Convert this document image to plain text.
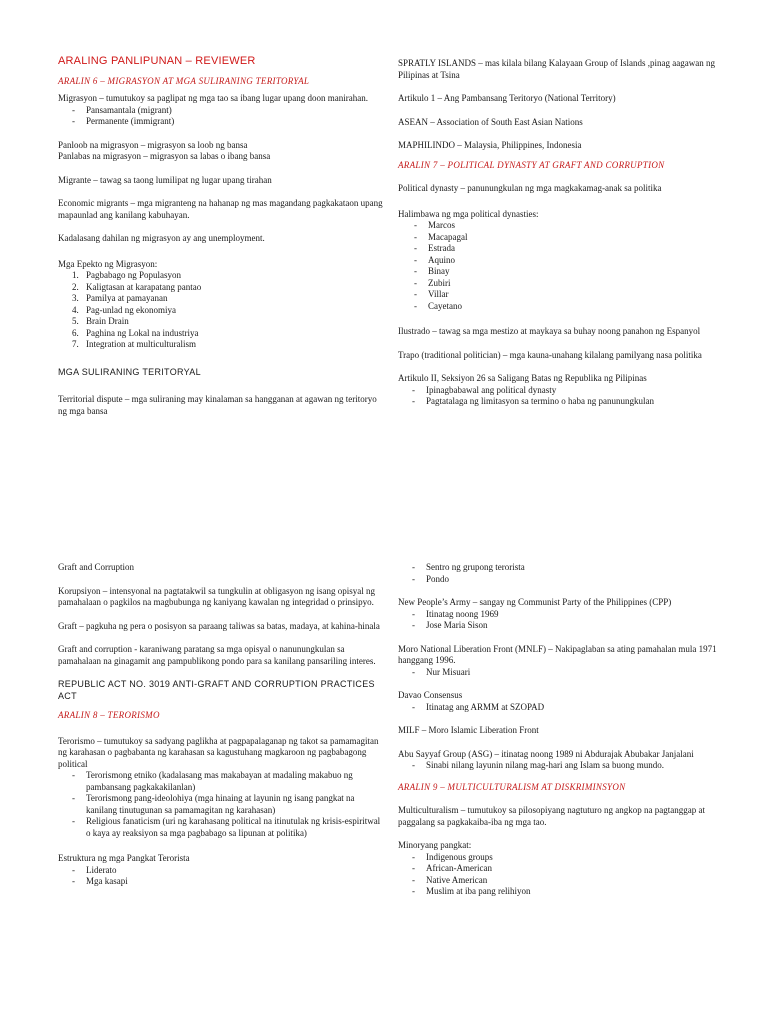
ARALING PANLIPUNAN – REVIEWER
ARALIN 6 – MIGRASYON AT MGA SULIRANING TERITORYAL

Migrasyon – tumutukoy sa paglipat ng mga tao sa ibang lugar upang doon manirahan.

- Pansamantala (migrant)
- Permanente (immigrant)

Panloob na migrasyon – migrasyon sa loob ng bansa

Panlabas na migrasyon – migrasyon sa labas o ibang bansa

Migrante – tawag sa taong lumilipat ng lugar upang tirahan

Economic migrants – mga migranteng na hahanap ng mas magandang pagkakataon upang mapaunlad ang kanilang kabuhayan.

Kadalasang dahilan ng migrasyon ay ang unemployment.

Mga Epekto ng Migrasyon:

1. Pagbabago ng Populasyon
2. Kaligtasan at karapatang pantao
3. Pamilya at pamayanan
4. Pag-unlad ng ekonomiya
5. Brain Drain
6. Paghina ng Lokal na industriya
7. Integration at multiculturalism
MGA SULIRANING TERITORYAL

Territorial dispute – mga suliraning may kinalaman sa hangganan at agawan ng teritoryo ng mga bansa

SPRATLY ISLANDS – mas kilala bilang Kalayaan Group of Islands ,pinag aagawan ng Pilipinas at Tsina

Artikulo 1 – Ang Pambansang Teritoryo (National Territory)

ASEAN – Association of South East Asian Nations

MAPHILINDO – Malaysia, Philippines, Indonesia

ARALIN 7 – POLITICAL DYNASTY AT GRAFT AND CORRUPTION

Political dynasty – panunungkulan ng mga magkakamag-anak sa politika

Halimbawa ng mga political dynasties:

- Marcos
- Macapagal
- Estrada
- Aquino
- Binay
- Zubiri
- Villar
- Cayetano

Ilustrado – tawag sa mga mestizo at maykaya sa buhay noong panahon ng Espanyol

Trapo (traditional politician) – mga kauna-unahang kilalang pamilyang nasa politika

Artikulo II, Seksiyon 26 sa Saligang Batas ng Republika ng Pilipinas

- Ipinagbabawal ang political dynasty
- Pagtatalaga ng limitasyon sa termino o haba ng panunungkulan

Graft and Corruption

Korupsiyon – intensyonal na pagtatakwil sa tungkulin at obligasyon ng isang opisyal ng pamahalaan o pagkilos na magbubunga ng kaniyang kawalan ng integridad o prinsipyo.

Graft – pagkuha ng pera o posisyon sa paraang taliwas sa batas, madaya, at kahina-hinala

Graft and corruption - karaniwang paratang sa mga opisyal o nanunungkulan sa pamahalaan na ginagamit ang pampublikong pondo para sa kanilang pansariling interes.

REPUBLIC ACT NO. 3019 ANTI-GRAFT AND CORRUPTION PRACTICES ACT
ARALIN 8 – TERORISMO

Terorismo – tumutukoy sa sadyang paglikha at pagpapalaganap ng takot sa pamamagitan ng karahasan o pagbabanta ng karahasan sa kagustuhang magkaroon ng pagbabagong political

- Terorismong etniko (kadalasang mas makabayan at madaling makabuo ng pambansang pagkakakilanlan)
- Terorismong pang-ideolohiya (mga hinaing at layunin ng isang pangkat na kanilang tinutugunan sa pamamagitan ng karahasan)
- Religious fanaticism (uri ng karahasang political na itinutulak ng krisis-espiritwal o kaya ay reaksiyon sa mga pagbabago sa lipunan at politika)

Estruktura ng mga Pangkat Terorista

- Liderato
- Mga kasapi
- Sentro ng grupong terorista
- Pondo

New People’s Army – sangay ng Communist Party of the Philippines (CPP)

- Itinatag noong 1969
- Jose Maria Sison

Moro National Liberation Front (MNLF) – Nakipaglaban sa ating pamahalan mula 1971 hanggang 1996.

- Nur Misuari

Davao Consensus

- Itinatag ang ARMM at SZOPAD

MILF – Moro Islamic Liberation Front

Abu Sayyaf Group (ASG) – itinatag noong 1989 ni Abdurajak Abubakar Janjalani

- Sinabi nilang layunin nilang mag-hari ang Islam sa buong mundo.
ARALIN 9 – MULTICULTURALISM AT DISKRIMINSYON

Multiculturalism – tumutukoy sa pilosopiyang nagtuturo ng angkop na pagtanggap at paggalang sa pagkakaiba-iba ng mga tao.

Minoryang pangkat:

- Indigenous groups
- African-American
- Native American
- Muslim at iba pang relihiyon
